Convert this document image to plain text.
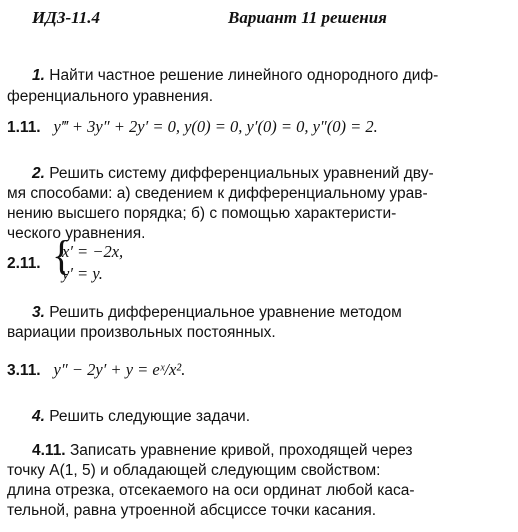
ИДЗ-11.4	Вариант 11 решения
1. Найти частное решение линейного однородного диф-
ференциального уравнения.
1.11. y‴ + 3y″ + 2y′ = 0, y(0) = 0, y′(0) = 0, y″(0) = 2.
2. Решить систему дифференциальных уравнений дву-
мя способами: а) сведением к дифференциальному урав-
нению высшего порядка; б) с помощью характеристи-
ческого уравнения.
2.11. {
x′ = −2x,
y′ = y.
3. Решить дифференциальное уравнение методом
вариации произвольных постоянных.
3.11. y″ − 2y′ + y = eˣ/x².
4. Решить следующие задачи.
4.11. Записать уравнение кривой, проходящей через
точку A(1, 5) и обладающей следующим свойством:
длина отрезка, отсекаемого на оси ординат любой каса-
тельной, равна утроенной абсциссе точки касания.
